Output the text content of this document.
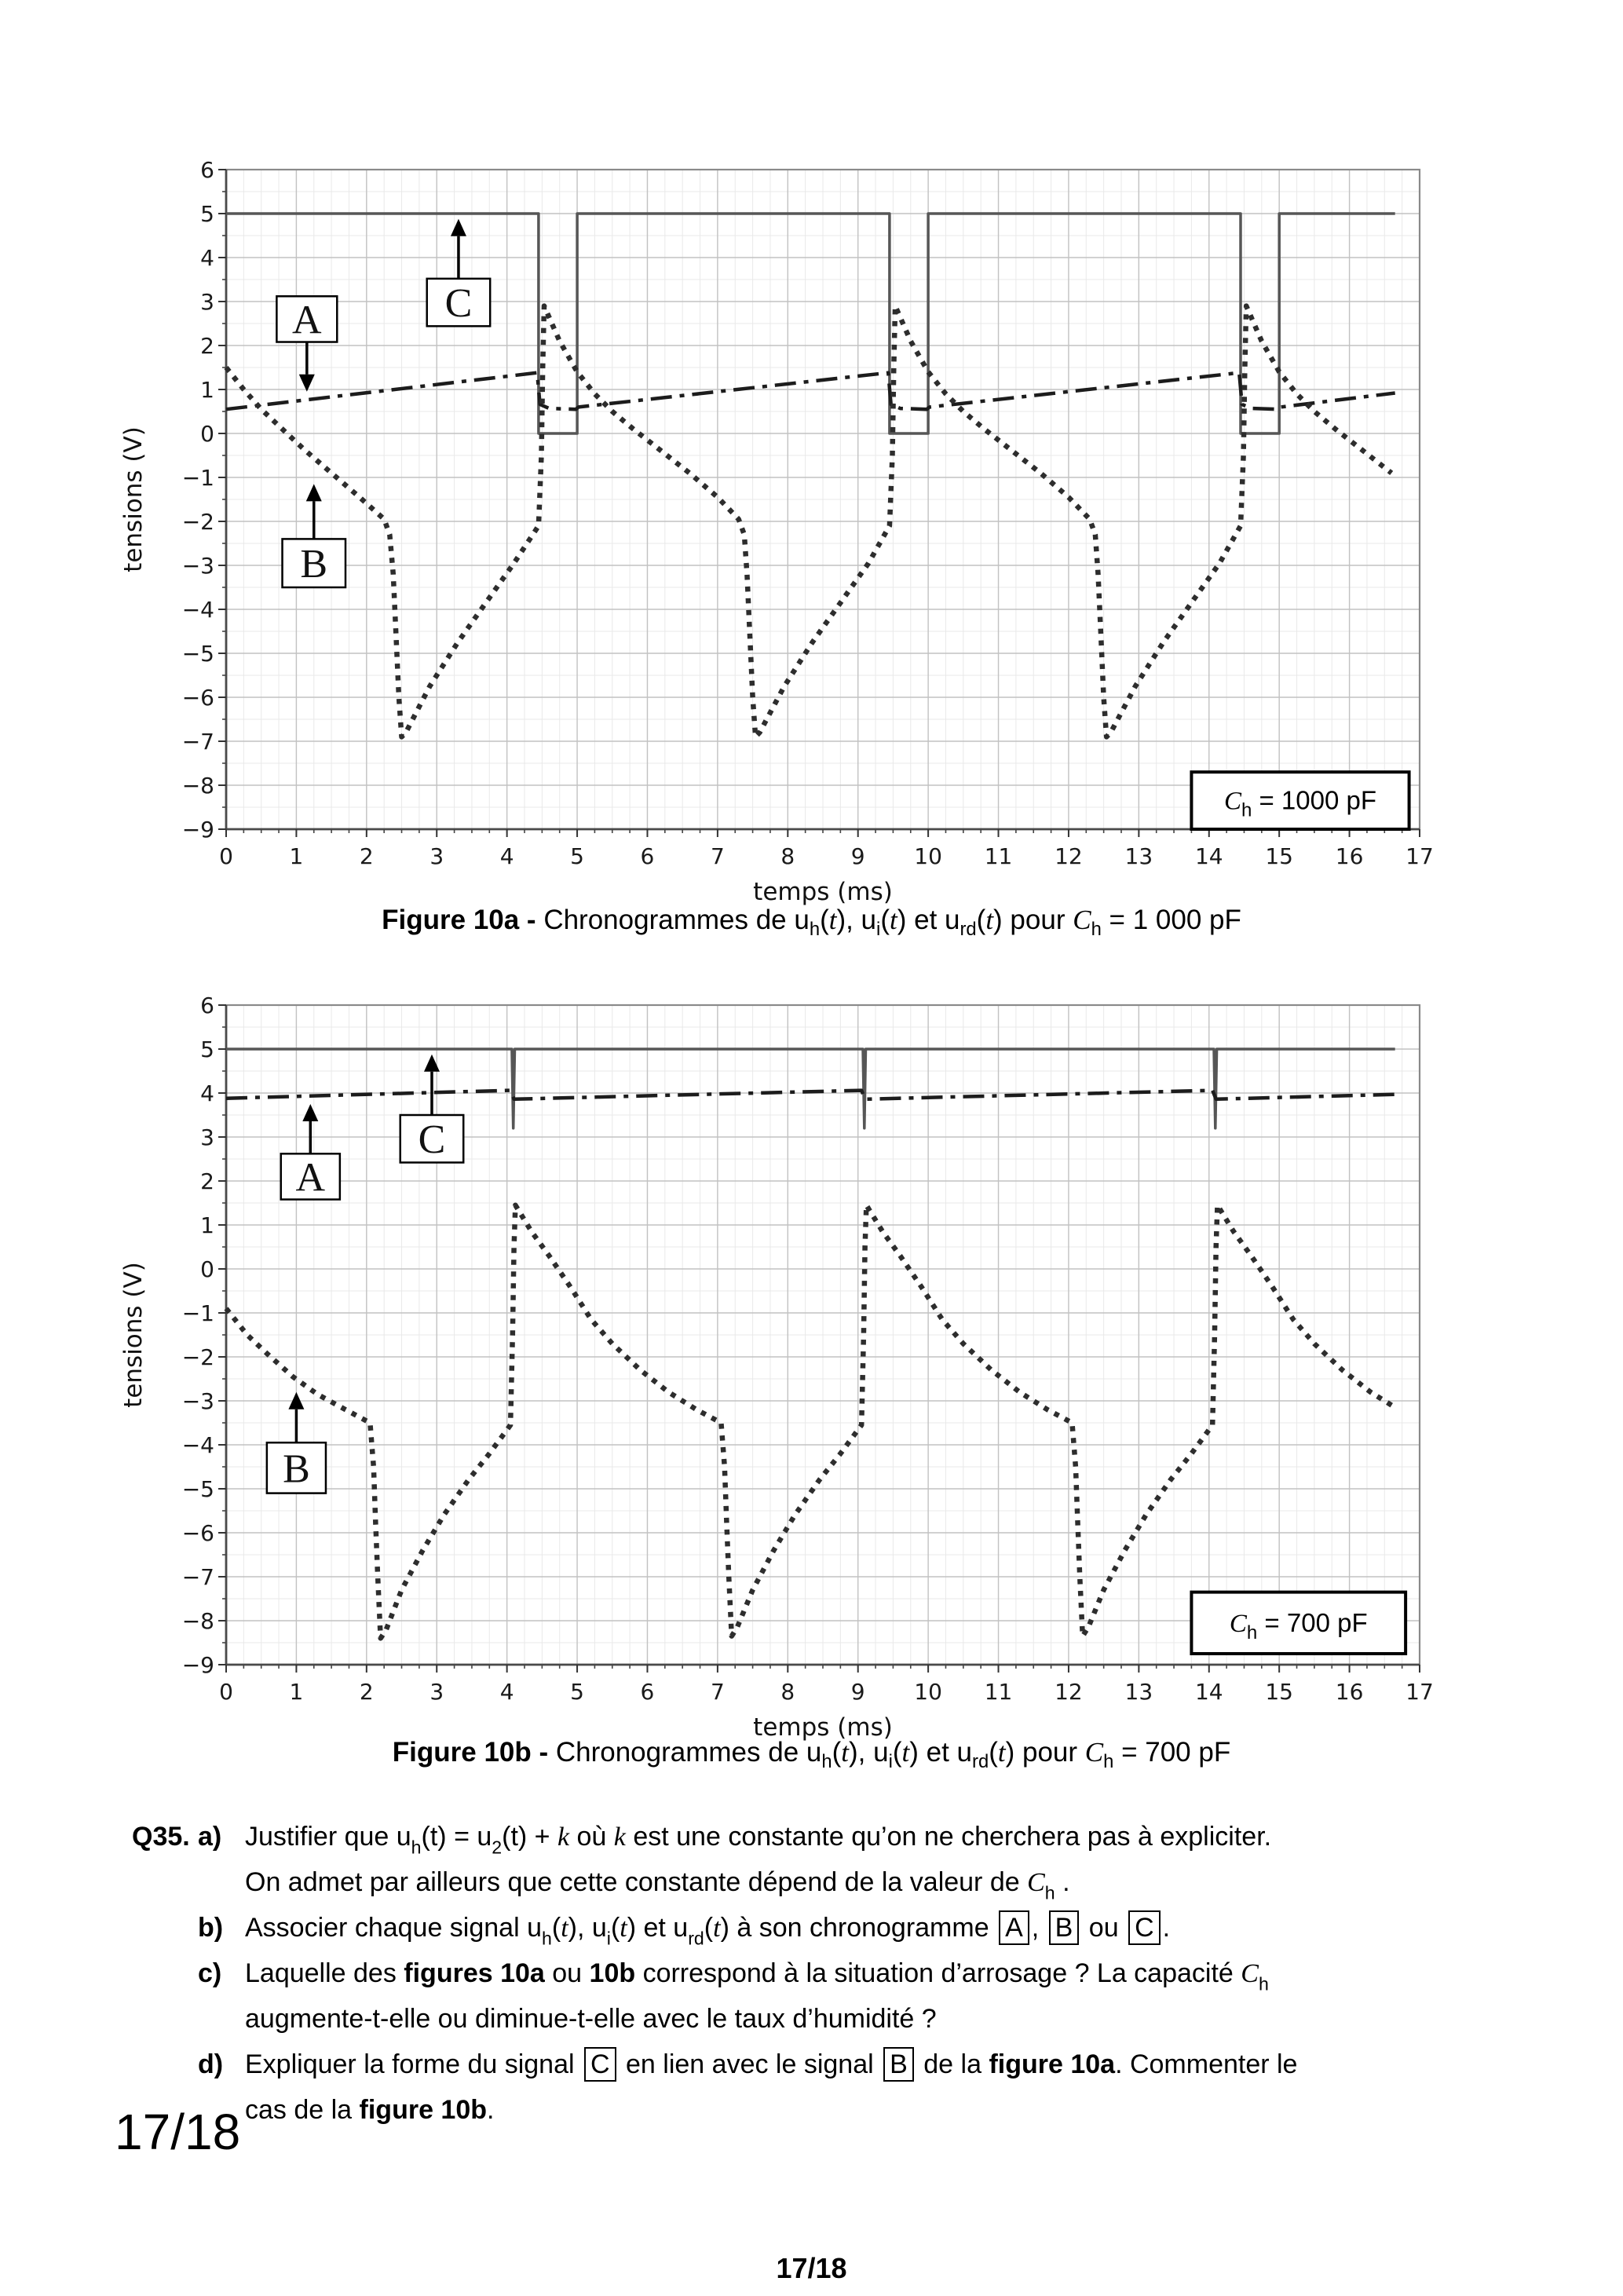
0	1	2	3	4	5	6	7	8	9 10 11 12 13 14 15 16 17
−9
−8
−7
−6
−5
−4
−3
−2
−1
0
1
2
3
4
5
6
temps (ms)
tensions (V)
A	C
B
$C_h = 1000$ pF
Figure 10a - Chronogrammes de $u_h(t)$, $u_i(t)$ et $u_{rd}(t)$ pour $C_h = 1$ 000 pF
0	1	2	3	4	5	6	7	8	9 10 11 12 13 14 15 16 17
−9
−8
−7
−6
−5
−4
−3
−2
−1
0
1
2
3
4
5
6
temps (ms)
tensions (V)
A
C
B
$C_h = 700$ pF
Figure 10b - Chronogrammes de $u_h(t)$, $u_i(t)$ et $u_{rd}(t)$ pour $C_h = 700$ pF
Q35. a) Justifier que $u_h(t) = u_2(t) + k$ où k est une constante qu’on ne cherchera pas à expliciter.
On admet par ailleurs que cette constante dépend de la valeur de $C_h$ .
b) Associer chaque signal $u_h(t)$, $u_i(t)$ et $u_{rd}(t)$ à son chronogramme A , B ou C .
c) Laquelle des figures 10a ou 10b correspond à la situation d’arrosage ? La capacité $C_h$
augmente-t-elle ou diminue-t-elle avec le taux d’humidité ?
d) Expliquer la forme du signal C en lien avec le signal B de la figure 10a. Commenter le
cas de la figure 10b.
17/18
17/18
